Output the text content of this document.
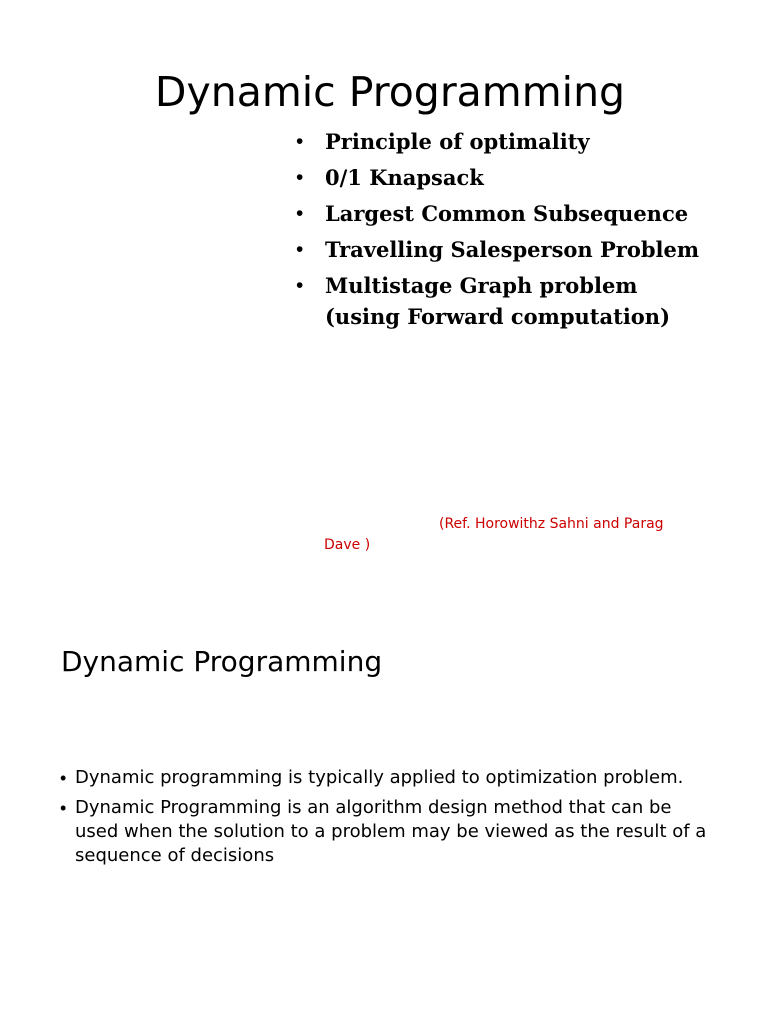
Dynamic Programming
• Principle of optimality
• 0/1 Knapsack
• Largest Common Subsequence
• Travelling Salesperson Problem
• Multistage Graph problem (using Forward computation)

(Ref. Horowithz Sahni and Parag Dave )

Dynamic Programming
• Dynamic programming is typically applied to optimization problem.
• Dynamic Programming is an algorithm design method that can be used when the solution to a problem may be viewed as the result of a sequence of decisions
